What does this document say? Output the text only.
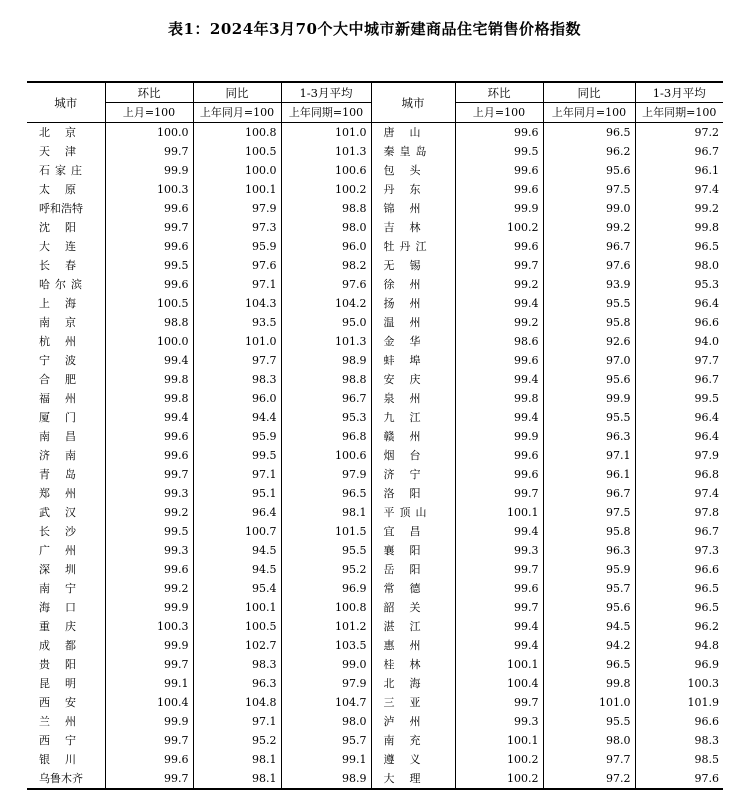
表1：2024年3月70个大中城市新建商品住宅销售价格指数
城市	环比	同比	1-3月平均	城市	环比	同比	1-3月平均
	上月=100	上年同月=100	上年同期=100		上月=100	上年同月=100	上年同期=100
北京	100.0	100.8	101.0	唐山	99.6	96.5	97.2
天津	99.7	100.5	101.3	秦皇岛	99.5	96.2	96.7
石家庄	99.9	100.0	100.6	包头	99.6	95.6	96.1
太原	100.3	100.1	100.2	丹东	99.6	97.5	97.4
呼和浩特	99.6	97.9	98.8	锦州	99.9	99.0	99.2
沈阳	99.7	97.3	98.0	吉林	100.2	99.2	99.8
大连	99.6	95.9	96.0	牡丹江	99.6	96.7	96.5
长春	99.5	97.6	98.2	无锡	99.7	97.6	98.0
哈尔滨	99.6	97.1	97.6	徐州	99.2	93.9	95.3
上海	100.5	104.3	104.2	扬州	99.4	95.5	96.4
南京	98.8	93.5	95.0	温州	99.2	95.8	96.6
杭州	100.0	101.0	101.3	金华	98.6	92.6	94.0
宁波	99.4	97.7	98.9	蚌埠	99.6	97.0	97.7
合肥	99.8	98.3	98.8	安庆	99.4	95.6	96.7
福州	99.8	96.0	96.7	泉州	99.8	99.9	99.5
厦门	99.4	94.4	95.3	九江	99.4	95.5	96.4
南昌	99.6	95.9	96.8	赣州	99.9	96.3	96.4
济南	99.6	99.5	100.6	烟台	99.6	97.1	97.9
青岛	99.7	97.1	97.9	济宁	99.6	96.1	96.8
郑州	99.3	95.1	96.5	洛阳	99.7	96.7	97.4
武汉	99.2	96.4	98.1	平顶山	100.1	97.5	97.8
长沙	99.5	100.7	101.5	宜昌	99.4	95.8	96.7
广州	99.3	94.5	95.5	襄阳	99.3	96.3	97.3
深圳	99.6	94.5	95.2	岳阳	99.7	95.9	96.6
南宁	99.2	95.4	96.9	常德	99.6	95.7	96.5
海口	99.9	100.1	100.8	韶关	99.7	95.6	96.5
重庆	100.3	100.5	101.2	湛江	99.4	94.5	96.2
成都	99.9	102.7	103.5	惠州	99.4	94.2	94.8
贵阳	99.7	98.3	99.0	桂林	100.1	96.5	96.9
昆明	99.1	96.3	97.9	北海	100.4	99.8	100.3
西安	100.4	104.8	104.7	三亚	99.7	101.0	101.9
兰州	99.9	97.1	98.0	泸州	99.3	95.5	96.6
西宁	99.7	95.2	95.7	南充	100.1	98.0	98.3
银川	99.6	98.1	99.1	遵义	100.2	97.7	98.5
乌鲁木齐	99.7	98.1	98.9	大理	100.2	97.2	97.6
